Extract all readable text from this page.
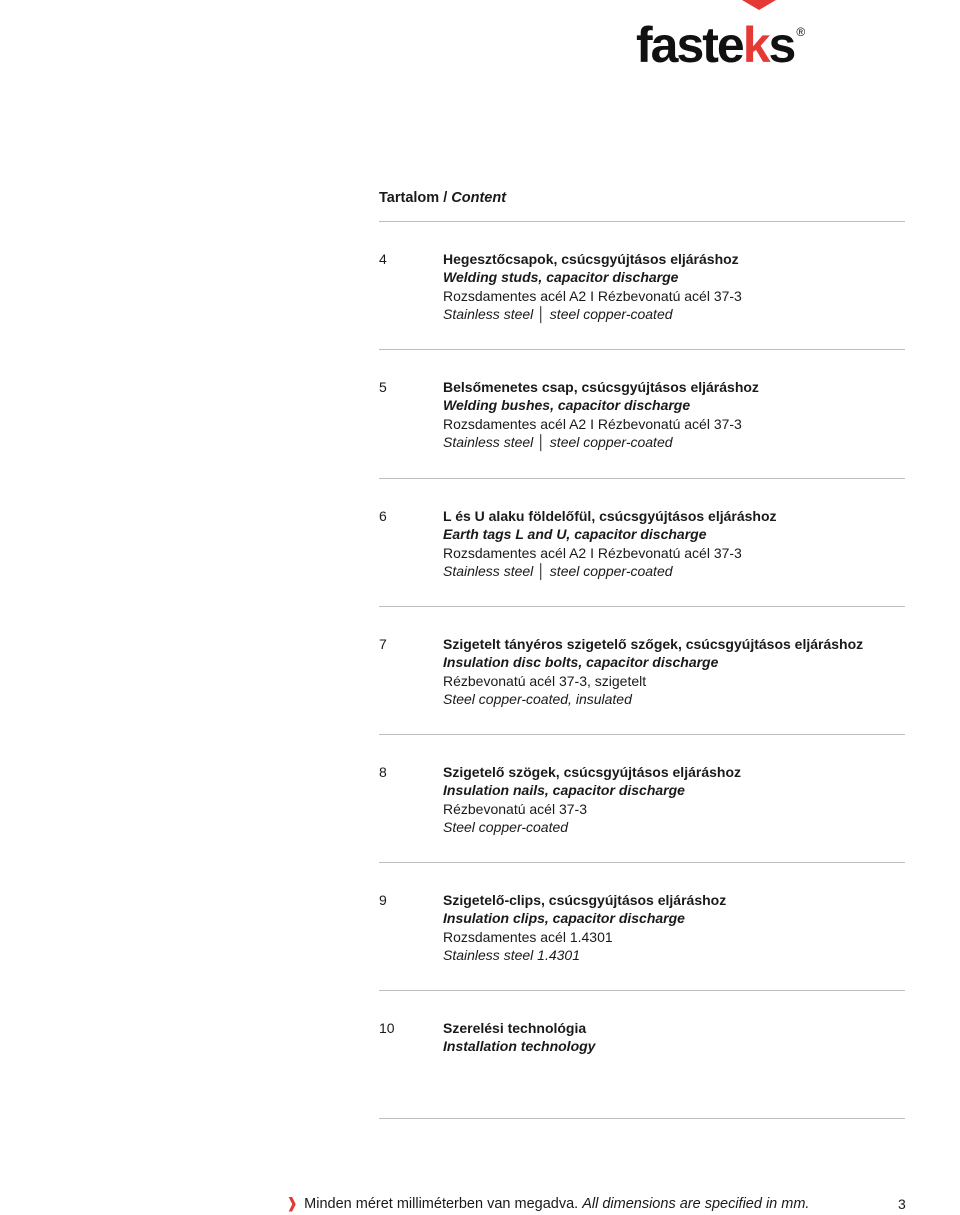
fasteks ®
Tartalom / Content
4	Hegesztőcsapok, csúcsgyújtásos eljáráshoz
Welding studs, capacitor discharge
Rozsdamentes acél A2 I Rézbevonatú acél 37-3
Stainless steel │ steel copper-coated
5	Belsőmenetes csap, csúcsgyújtásos eljáráshoz
Welding bushes, capacitor discharge
Rozsdamentes acél A2 I Rézbevonatú acél 37-3
Stainless steel │ steel copper-coated
6	L és U alaku földelőfül, csúcsgyújtásos eljáráshoz
Earth tags L and U, capacitor discharge
Rozsdamentes acél A2 I Rézbevonatú acél 37-3
Stainless steel │ steel copper-coated
7	Szigetelt tányéros szigetelő szőgek, csúcsgyújtásos eljáráshoz
Insulation disc bolts, capacitor discharge
Rézbevonatú acél 37-3, szigetelt
Steel copper-coated, insulated
8	Szigetelő szögek, csúcsgyújtásos eljáráshoz
Insulation nails, capacitor discharge
Rézbevonatú acél 37-3
Steel copper-coated
9	Szigetelő-clips, csúcsgyújtásos eljáráshoz
Insulation clips, capacitor discharge
Rozsdamentes acél 1.4301
Stainless steel 1.4301
10	Szerelési technológia
Installation technology
❱ Minden méret milliméterben van megadva. All dimensions are specified in mm.	3
